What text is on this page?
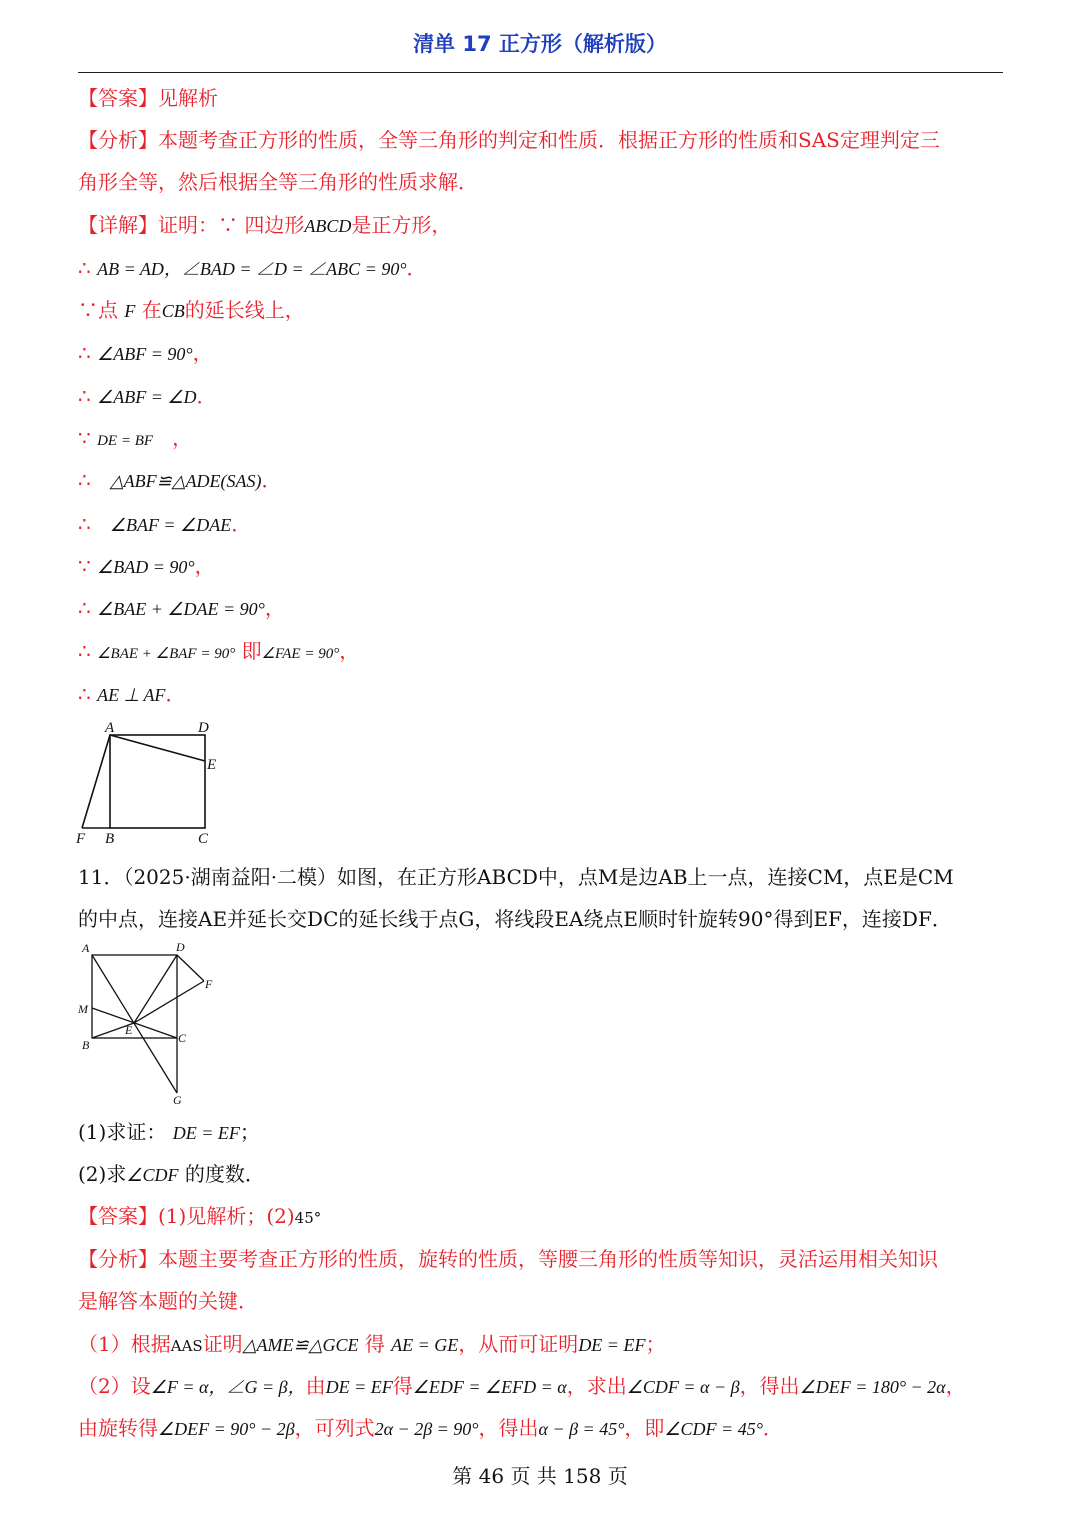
清单 17 正方形（解析版）
【答案】见解析
【分析】本题考查正方形的性质，全等三角形的判定和性质．根据正方形的性质和SAS定理判定三
角形全等，然后根据全等三角形的性质求解．
【详解】证明：∵ 四边形ABCD是正方形，
∴ AB = AD，∠BAD = ∠D = ∠ABC = 90°．
∵点 F 在CB的延长线上，
∴ ∠ABF = 90°，
∴ ∠ABF = ∠D．
∵ DE = BF ，
∴ △ABF≌△ADE(SAS)．
∴ ∠BAF = ∠DAE．
∵ ∠BAD = 90°，
∴ ∠BAE + ∠DAE = 90°，
∴ ∠BAE + ∠BAF = 90° 即∠FAE = 90°，
∴ AE ⊥ AF．
A	D
E
F B	C
11．（2025·湖南益阳·二模）如图，在正方形ABCD中，点M是边AB上一点，连接CM，点E是CM
的中点，连接AE并延长交DC的延长线于点G，将线段EA绕点E顺时针旋转90°得到EF，连接DF．
A	D
F
M
E
B	C
G
(1)求证： DE = EF；
(2)求∠CDF 的度数．
【答案】(1)见解析；(2)45°
【分析】本题主要考查正方形的性质，旋转的性质，等腰三角形的性质等知识，灵活运用相关知识
是解答本题的关键．
（1）根据AAS证明△AME≌△GCE 得 AE = GE，从而可证明DE = EF；
（2）设∠F = α，∠G = β，由DE = EF得∠EDF = ∠EFD = α，求出∠CDF = α − β，得出∠DEF = 180° − 2α，
由旋转得∠DEF = 90° − 2β，可列式2α − 2β = 90°，得出α − β = 45°，即∠CDF = 45°．
第 46 页 共 158 页
